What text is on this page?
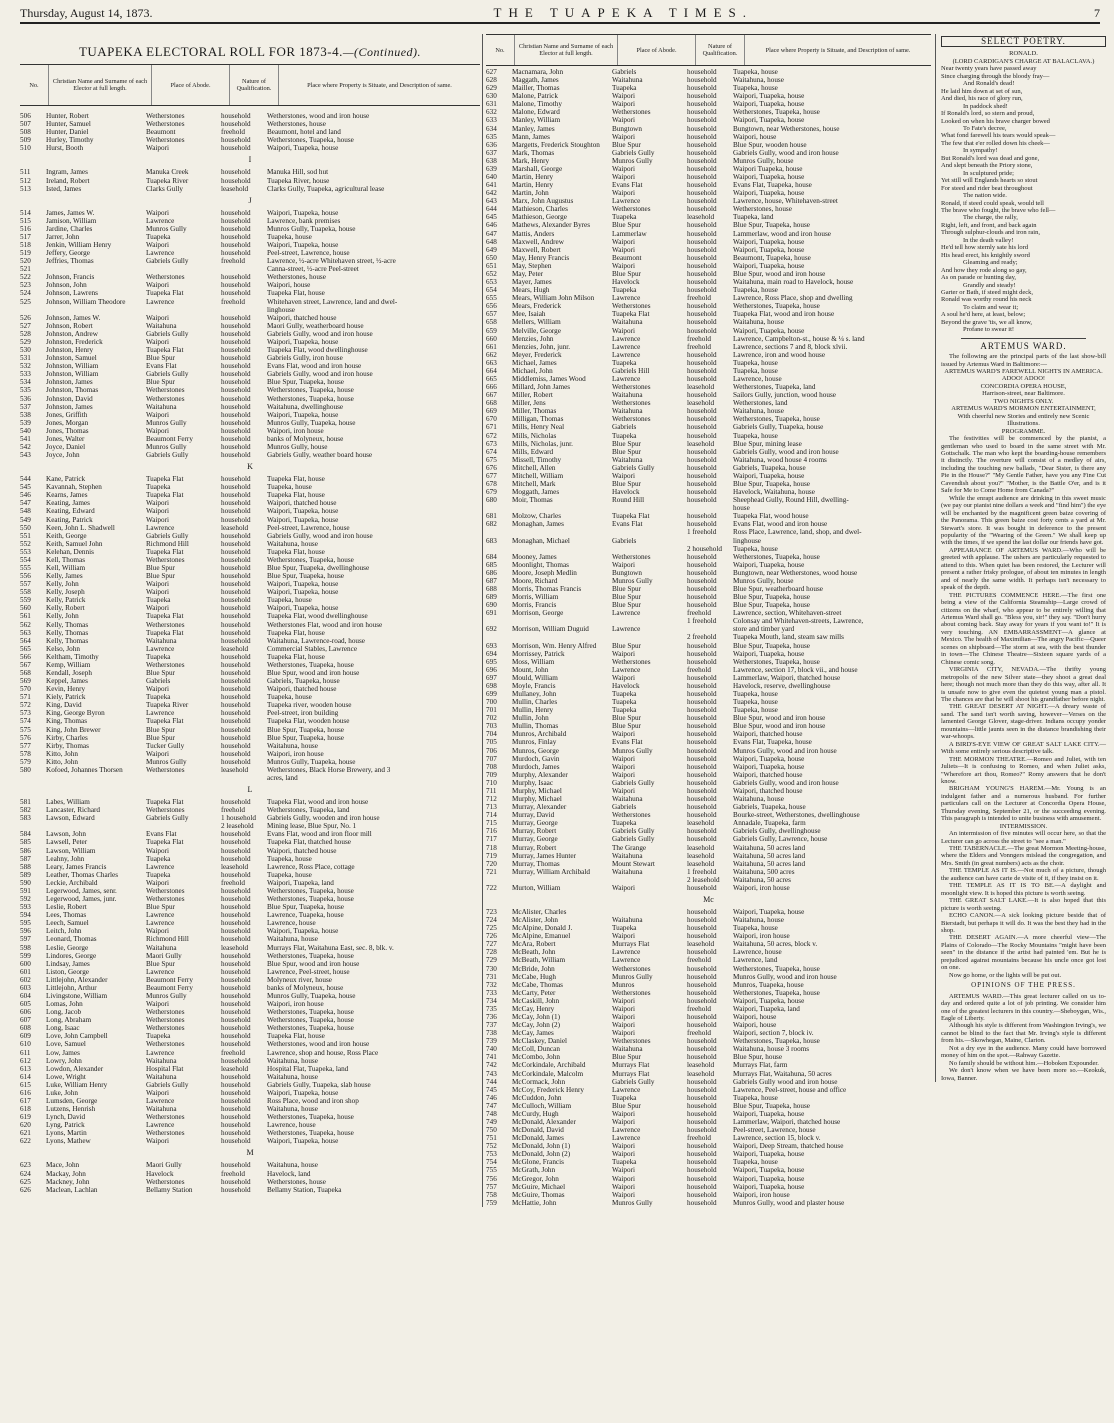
Thursday, August 14, 1873.	THE TUAPEKA TIMES.	7
TUAPEKA ELECTORAL ROLL FOR 1873-4.—(Continued).
No.	Christian Name and Surname of each Elector at full length.	Place of Abode.	Nature of Qualification.	Place where Property is Situate, and Description of same.
506	Hunter, Robert	Wetherstones	household	Wetherstones, wood and iron house
507	Hunter, Samuel	Wetherstones	household	Wetherstones, house
508	Hunter, Daniel	Beaumont	freehold	Beaumont, hotel and land
509	Hurley, Timothy	Wetherstones	household	Wetherstones, Tuapeka, house
510	Hurst, Booth	Waipori	household	Waipori, Tuapeka, house
I
511	Ingram, James	Manuka Creek	household	Manuka Hill, sod hut
512	Ireland, Robert	Tuapeka River	household	Tuapeka River, house
513	Isted, James	Clarks Gully	leasehold	Clarks Gully, Tuapeka, agricultural lease
J
514	James, James W.	Waipori	household	Waipori, Tuapeka, house
515	Jamison, William	Lawrence	household	Lawrence, bank premises
516	Jardine, Charles	Munros Gully	household	Munros Gully, Tuapeka, house
517	Jarrer, John	Tuapeka	household	Tuapeka, house
518	Jenkin, William Henry	Waipori	household	Waipori, Tuapeka, house
519	Jeffery, George	Lawrence	household	Peel-street, Lawrence, house
520	Jeffries, Thomas	Gabriels Gully	freehold	Lawrence, ½-acre Whitehaven street, ½-acre
521	Canna-street, ½-acre Peel-street
522	Johnson, Francis	Wetherstones	household	Wetherstones, house
523	Johnson, John	Waipori	household	Waipori, house
524	Johnson, Lawrens	Tuapeka Flat	household	Tuapeka Flat, house
525	Johnson, William Theodore	Lawrence	freehold	Whitehaven street, Lawrence, land and dwel-
linghouse
526	Johnson, James W.	Waipori	household	Waipori, thatched house
527	Johnson, Robert	Waitahuna	household	Maori Gully, weatherboard house
528	Johnston, Andrew	Gabriels Gully	household	Gabriels Gully, wood and iron house
529	Johnston, Frederick	Waipori	household	Waipori, Tuapeka, house
530	Johnston, Henry	Tuapeka Flat	household	Tuapeka Flat, wood dwellinghouse
531	Johnston, Samuel	Blue Spur	household	Gabriels Gully, iron house
532	Johnston, William	Evans Flat	household	Evans Flat, wood and iron house
533	Johnston, William	Gabriels Gully	household	Gabriels Gully, wood and iron house
534	Johnston, James	Blue Spur	household	Blue Spur, Tuapeka, house
535	Johnston, Thomas	Wetherstones	household	Wetherstones, Tuapeka, house
536	Johnston, David	Wetherstones	household	Wetherstones, Tuapeka, house
537	Johnston, James	Waitahuna	household	Waitahuna, dwellinghouse
538	Jones, Griffith	Waipori	household	Waipori, Tuapeka, house
539	Jones, Morgan	Munros Gully	household	Munros Gully, Tuapeka, house
540	Jones, Thomas	Waipori	household	Waipori, iron house
541	Jones, Walter	Beaumont Ferry	household	banks of Molyneux, house
542	Joyce, Daniel	Munros Gully	household	Munros Gully, house
543	Joyce, John	Gabriels Gully	household	Gabriels Gully, weather board house
K
544	Kane, Patrick	Tuapeka Flat	household	Tuapeka Flat, house
545	Kavannah, Stephen	Tuapeka	household	Tuapeka, house
546	Kearns, James	Tuapeka Flat	household	Tuapeka Flat, house
547	Keating, James	Waipori	household	Waipori, thatched house
548	Keating, Edward	Waipori	household	Waipori, Tuapeka, house
549	Keating, Patrick	Waipori	household	Waipori, Tuapeka, house
550	Keen, John L. Shadwell	Lawrence	leasehold	Peel-street, Lawrence, house
551	Keith, George	Gabriels Gully	household	Gabriels Gully, wood and iron house
552	Keith, Samuel John	Richmond Hill	household	Waitahuna, house
553	Kelehan, Dennis	Tuapeka Flat	household	Tuapeka Flat, house
554	Kell, Thomas	Wetherstones	household	Wetherstones, Tuapeka, house
555	Kell, William	Blue Spur	household	Blue Spur, Tuapeka, dwellinghouse
556	Kelly, James	Blue Spur	household	Blue Spur, Tuapeka, house
557	Kelly, John	Waipori	household	Waipori, Tuapeka, house
558	Kelly, Joseph	Waipori	household	Waipori, Tuapeka, house
559	Kelly, Patrick	Tuapeka	household	Tuapeka, house
560	Kelly, Robert	Waipori	household	Waipori, Tuapeka, house
561	Kelly, John	Tuapeka Flat	household	Tuapeka Flat, wood dwellinghouse
562	Kelly, Thomas	Wetherstones	household	Wetherstones Flat, wood and iron house
563	Kelly, Thomas	Tuapeka Flat	household	Tuapeka Flat, house
564	Kelly, Thomas	Waitahuna	household	Waitahuna, Lawrence-road, house
565	Kelso, John	Lawrence	leasehold	Commercial Stables, Lawrence
566	Keltham, Timothy	Tuapeka	household	Tuapeka Flat, house
567	Kemp, William	Wetherstones	household	Wetherstones, Tuapeka, house
568	Kendall, Joseph	Blue Spur	household	Blue Spur, wood and iron house
569	Keppel, James	Gabriels	household	Gabriels, Tuapeka, house
570	Kevin, Henry	Waipori	household	Waipori, thatched house
571	Kiely, Patrick	Tuapeka	household	Tuapeka, house
572	King, David	Tuapeka River	household	Tuapeka river, wooden house
573	King, George Byron	Lawrence	household	Peel-street, iron building
574	King, Thomas	Tuapeka Flat	household	Tuapeka Flat, wooden house
575	King, John Brewer	Blue Spur	household	Blue Spur, Tuapeka, house
576	Kirby, Charles	Blue Spur	household	Blue Spur, Tuapeka, house
577	Kirby, Thomas	Tucker Gully	household	Waitahuna, house
578	Kitto, John	Waipori	household	Waipori, iron house
579	Kitto, John	Munros Gully	household	Munros Gully, Tuapeka, house
580	Kofoed, Johannes Thorsen	Wetherstones	leasehold	Wetherstones, Black Horse Brewery, and 3
acres, land
L
581	Labes, William	Tuapeka Flat	household	Tuapeka Flat, wood and iron house
582	Lancaster, Richard	Wetherstones	freehold	Wetherstones, Tuapeka, land
583	Lawson, Edward	Gabriels Gully	1 household	Gabriels Gully, wooden and iron house
2 leasehold	Mining lease, Blue Spur, No. 1
584	Lawson, John	Evans Flat	household	Evans Flat, wood and iron floor mill
585	Lawsell, Peter	Tuapeka Flat	household	Tuapeka Flat, thatched house
586	Lawson, William	Waipori	household	Waipori, thatched house
587	Leahny, John	Tuapeka	household	Tuapeka, house
588	Leary, James Francis	Lawrence	leasehold	Lawrence, Ross Place, cottage
589	Leather, Thomas Charles	Tuapeka	household	Tuapeka, house
590	Leckie, Archibald	Waipori	freehold	Waipori, Tuapeka, land
591	Legerwood, James, senr.	Wetherstones	household	Wetherstones, Tuapeka, house
592	Legerwood, James, junr.	Wetherstones	household	Wetherstones, Tuapeka, house
593	Leslie, Robert	Blue Spur	household	Blue Spur, Tuapeka, house
594	Lees, Thomas	Lawrence	household	Lawrence, Tuapeka, house
595	Leech, Samuel	Lawrence	household	Lawrence, house
596	Leitch, John	Waipori	household	Waipori, Tuapeka, house
597	Leonard, Thomas	Richmond Hill	household	Waitahuna, house
598	Leslie, George	Waitahuna	leasehold	Murrays Flat, Waitahuna East, sec. 8, blk. v.
599	Lindores, George	Maori Gully	household	Wetherstones, Tuapeka, house
600	Lindsay, James	Blue Spur	household	Blue Spur, wood and iron house
601	Liston, George	Lawrence	household	Lawrence, Peel-street, house
602	Littlejohn, Alexander	Beaumont Ferry	household	Molyneux river, house
603	Littlejohn, Arthur	Beaumont Ferry	household	banks of Molyneux, house
604	Livingstone, William	Munros Gully	household	Munros Gully, Tuapeka, house
605	Lomas, John	Waipori	household	Waipori, iron house
606	Long, Jacob	Wetherstones	household	Wetherstones, Tuapeka, house
607	Long, Abraham	Wetherstones	household	Wetherstones, Tuapeka, house
608	Long, Isaac	Wetherstones	household	Wetherstones, Tuapeka, house
609	Love, John Campbell	Tuapeka	household	Tuapeka Flat, house
610	Love, Samuel	Wetherstones	household	Wetherstones, wood and iron house
611	Low, James	Lawrence	freehold	Lawrence, shop and house, Ross Place
612	Lowry, John	Waitahuna	household	Waitahuna, house
613	Lowdon, Alexander	Hospital Flat	leasehold	Hospital Flat, Tuapeka, land
614	Lowe, Wright	Waitahuna	household	Waitahuna, house
615	Luke, William Henry	Gabriels Gully	household	Gabriels Gully, Tuapeka, slab house
616	Luke, John	Waipori	household	Waipori, Tuapeka, house
617	Lumsden, George	Lawrence	household	Ross Place, wood and iron shop
618	Lutzens, Henrish	Waitahuna	household	Waitahuna, house
619	Lynch, David	Wetherstones	household	Wetherstones, Tuapeka, house
620	Lyng, Patrick	Lawrence	household	Lawrence, house
621	Lyons, Martin	Wetherstones	household	Wetherstones, Tuapeka, house
622	Lyons, Mathew	Waipori	household	Waipori, Tuapeka, house
M
623	Mace, John	Maori Gully	household	Waitahuna, house
624	Mackay, John	Havelock	freehold	Havelock, land
625	Mackney, John	Wetherstones	household	Wetherstones, house
626	Maclean, Lachlan	Bellamy Station	household	Bellamy Station, Tuapeka
No.	Christian Name and Surname of each Elector at full length.	Place of Abode.	Nature of Qualification.	Place where Property is Situate, and Description of same.
627	Macnamara, John	Gabriels	household	Tuapeka, house
628	Maggath, James	Waitahuna	household	Waitahuna, house
629	Mailler, Thomas	Tuapeka	household	Tuapeka, house
630	Malone, Patrick	Waipori	household	Waipori, Tuapeka, house
631	Malone, Timothy	Waipori	household	Waipori, Tuapeka, house
632	Malone, Edward	Wetherstones	household	Wetherstones, Tuapeka, house
633	Manley, William	Waipori	household	Waipori, Tuapeka, house
634	Manley, James	Bungtown	household	Bungtown, near Wetherstones, house
635	Mann, James	Waipori	household	Waipori, house
636	Margetts, Frederick Stoughton	Blue Spur	household	Blue Spur, wooden house
637	Mark, Thomas	Gabriels Gully	household	Gabriels Gully, wood and iron house
638	Mark, Henry	Munros Gully	household	Munros Gully, house
639	Marshall, George	Waipori	household	Waipori Tuapeka, house
640	Martin, Henry	Waipori	household	Waipori, Tuapeka, house
641	Martin, Henry	Evans Flat	household	Evans Flat, Tuapeka, house
642	Martin, John	Waipori	household	Waipori, Tuapeka, house
643	Marx, John Augustus	Lawrence	household	Lawrence, house, Whitehaven-street
644	Mathieson, Charles	Wetherstones	household	Wetherstones, house
645	Mathieson, George	Tuapeka	leasehold	Tuapeka, land
646	Mathews, Alexander Byres	Blue Spur	household	Blue Spur, Tuapeka, house
647	Mattis, Anders	Lammerlaw	household	Lammerlaw, wood and iron house
648	Maxwell, Andrew	Waipori	household	Waipori, Tuapeka, house
649	Maxwell, Robert	Waipori	household	Waipori, Tuapeka, house
650	May, Henry Francis	Beaumont	household	Beaumont, Tuapeka, house
651	May, Stephen	Waipori	household	Waipori, Tuapeka, house
652	May, Peter	Blue Spur	household	Blue Spur, wood and iron house
653	Mayer, James	Havelock	household	Waitahuna, main road to Havelock, house
654	Mears, Hugh	Tuapeka	household	Tuapeka, house
655	Mears, William John Milson	Lawrence	freehold	Lawrence, Ross Place, shop and dwelling
656	Mears, Frederick	Wetherstones	household	Wetherstones, Tuapeka, house
657	Mee, Isaiah	Tuapeka Flat	household	Tuapeka Flat, wood and iron house
658	Mellers, William	Waitahuna	household	Waitahuna, house
659	Melville, George	Waipori	household	Waipori, Tuapeka, house
660	Menzies, John	Lawrence	freehold	Lawrence, Campbelton-st., house & ¼ s. land
661	Menzies, John, junr.	Lawrence	freehold	Lawrence, sections 7 and 8, block xlvii.
662	Meyer, Frederick	Lawrence	household	Lawrence, iron and wood house
663	Michael, James	Tuapeka	household	Tuapeka, house
664	Michael, John	Gabriels Hill	household	Tuapeka, house
665	Middlemiss, James Wood	Lawrence	household	Lawrence, house
666	Millard, John James	Wetherstones	leasehold	Wetherstones, Tuapeka, land
667	Miller, Robert	Waitahuna	household	Sailors Gully, junction, wood house
668	Miller, Jens	Wetherstones	leasehold	Wetherstones, land
669	Miller, Thomas	Waitahuna	household	Waitahuna, house
670	Milligan, Thomas	Wetherstones	household	Wetherstones, Tuapeka, house
671	Mills, Henry Neal	Gabriels	household	Gabriels Gully, Tuapeka, house
672	Mills, Nicholas	Tuapeka	household	Tuapeka, house
673	Mills, Nicholas, junr.	Blue Spur	leasehold	Blue Spur, mining lease
674	Mills, Edward	Blue Spur	household	Gabriels Gully, wood and iron house
675	Missell, Timothy	Waitahuna	household	Waitahuna, wood house 4 rooms
676	Mitchell, Allen	Gabriels Gully	household	Gabriels, Tuapeka, house
677	Mitchell, William	Waipori	household	Waipori, Tuapeka, house
678	Mitchell, Mark	Blue Spur	household	Blue Spur, Tuapeka, house
679	Moggath, James	Havelock	household	Havelock, Waitahuna, house
680	Moir, Thomas	Round Hill	household	Sheephead Gully, Round Hill, dwelling-
house
681	Molzow, Charles	Tuapeka Flat	household	Tuapeka Flat, wood house
682	Monaghan, James	Evans Flat	household	Evans Flat, wood and iron house
1 freehold	Ross Place, Lawrence, land, shop, and dwel-
683	Monaghan, Michael	Gabriels	linghouse
2 household	Tuapeka, house
684	Mooney, James	Wetherstones	household	Wetherstones, Tuapeka, house
685	Moonlight, Thomas	Waipori	household	Waipori, Tuapeka, house
686	Moore, Joseph Medlin	Bungtown	household	Bungtown, near Wetherstones, wood house
687	Moore, Richard	Munros Gully	household	Munros Gully, house
688	Morris, Thomas Francis	Blue Spur	household	Blue Spur, weatherboard house
689	Morris, William	Blue Spur	household	Blue Spur, Tuapeka, house
690	Morris, Francis	Blue Spur	household	Blue Spur, Tuapeka, house
691	Morrison, George	Lawrence	freehold	Lawrence, section, Whitehaven-street
1 freehold	Colonsay and Whitehaven-streets, Lawrence,
692	Morrison, William Duguid	Lawrence	store and timber yard
2 freehold	Tuapeka Mouth, land, steam saw mills
693	Morrison, Wm. Henry Alfred	Blue Spur	household	Blue Spur, Tuapeka, house
694	Morrissey, Patrick	Waipori	household	Waipori, Tuapeka, house
695	Moss, William	Wetherstones	household	Wetherstones, Tuapeka, house
696	Mount, John	Lawrence	freehold	Lawrence, section 17, block vii., and house
697	Mould, William	Waipori	household	Lammerlaw, Waipori, thatched house
698	Moyle, Francis	Havelock	household	Havelock, reserve, dwellinghouse
699	Mullaney, John	Tuapeka	household	Tuapeka, house
700	Mullin, Charles	Tuapeka	household	Tuapeka, house
701	Mullin, Henry	Tuapeka	household	Tuapeka, house
702	Mullin, John	Blue Spur	household	Blue Spur, wood and iron house
703	Mullin, Thomas	Blue Spur	household	Blue Spur, wood and iron house
704	Munros, Archibald	Waipori	household	Waipori, thatched house
705	Munros, Finlay	Evans Flat	household	Evans Flat, Tuapeka, house
706	Munros, George	Munros Gully	household	Munros Gully, wood and iron house
707	Murdoch, Gavin	Waipori	household	Waipori, Tuapeka, house
708	Murdoch, James	Waipori	household	Waipori, Tuapeka, house
709	Murphy, Alexander	Waipori	household	Waipori, thatched house
710	Murphy, Isaac	Gabriels Gully	household	Gabriels Gully, wood and iron house
711	Murphy, Michael	Waipori	household	Waipori, thatched house
712	Murphy, Michael	Waitahuna	household	Waitahuna, house
713	Murray, Alexander	Gabriels	household	Gabriels, Tuapeka, house
714	Murray, David	Wetherstones	household	Bourke-street, Wetherstones, dwellinghouse
715	Murray, George	Tuapeka	leasehold	Annadale, Tuapeka, farm
716	Murray, Robert	Gabriels Gully	household	Gabriels Gully, dwellinghouse
717	Murray, George	Gabriels Gully	household	Gabriels Gully, Lawrence, house
718	Murray, Robert	The Grange	leasehold	Waitahuna, 50 acres land
719	Murray, James Hunter	Waitahuna	leasehold	Waitahuna, 50 acres land
720	Murray, Thomas	Mount Stewart	leasehold	Waitahuna, 50 acres land
721	Murray, William Archibald	Waitahuna	1 freehold	Waitahuna, 500 acres
2 leasehold	Waitahuna, 50 acres
722	Murton, William	Waipori	household	Waipori, iron house
Mc
723	McAlister, Charles	household	Waipori, Tuapeka, house
724	McAlister, John	Waitahuna	household	Waitahuna, house
725	McAlpine, Donald J.	Tuapeka	household	Tuapeka, house
726	McAlpine, Emanuel	Waipori	household	Waipori, iron house
727	McAra, Robert	Murrays Flat	leasehold	Waitahuna, 50 acres, block v.
728	McBeath, John	Lawrence	household	Lawrence, house
729	McBeath, William	Lawrence	freehold	Lawrence, land
730	McBride, John	Wetherstones	household	Wetherstones, Tuapeka, house
731	McCabe, Hugh	Munros Gully	household	Munros Gully, wood and iron house
732	McCabe, Thomas	Munros	household	Munros, Tuapeka, house
733	McCarty, Peter	Wetherstones	household	Wetherstones, Tuapeka, house
734	McCaskill, John	Waipori	household	Waipori, Tuapeka, house
735	McCay, Henry	Waipori	freehold	Waipori, Tuapeka, land
736	McCay, John (1)	Waipori	household	Waipori, house
737	McCay, John (2)	Waipori	household	Waipori, house
738	McCay, James	Waipori	freehold	Waipori, section 7, block iv.
739	McClaskey, Daniel	Wetherstones	household	Wetherstones, Tuapeka, house
740	McColl, Duncan	Waitahuna	household	Waitahuna, house 3 rooms
741	McCombo, John	Blue Spur	household	Blue Spur, house
742	McCorkindale, Archibald	Murrays Flat	leasehold	Murrays Flat, farm
743	McCorkindale, Malcolm	Murrays Flat	leasehold	Murrays Flat, Waitahuna, 50 acres
744	McCormack, John	Gabriels Gully	household	Gabriels Gully wood and iron house
745	McCoy, Frederick Henry	Lawrence	household	Lawrence, Peel-street, house and office
746	McCuddon, John	Tuapeka	household	Tuapeka, house
747	McCulloch, William	Blue Spur	household	Blue Spur, Tuapeka, house
748	McCurdy, Hugh	Waipori	household	Waipori, Tuapeka, house
749	McDonald, Alexander	Waipori	household	Lammerlaw, Waipori, thatched house
750	McDonald, David	Lawrence	household	Peel-street, Lawrence, house
751	McDonald, James	Lawrence	freehold	Lawrence, section 15, block v.
752	McDonald, John (1)	Waipori	household	Waipori, Deep Stream, thatched house
753	McDonald, John (2)	Waipori	household	Waipori, Tuapeka, house
754	McGlone, Francis	Tuapeka	household	Tuapeka, house
755	McGrath, John	Waipori	household	Waipori, Tuapeka, house
756	McGregor, John	Waipori	household	Waipori, Tuapeka, house
757	McGuire, Michael	Waipori	household	Waipori, Tuapeka, house
758	McGuire, Thomas	Waipori	household	Waipori, iron house
759	McHattie, John	Munros Gully	household	Munros Gully, wood and plaster house
SELECT POETRY.
RONALD.
(LORD CARDIGAN'S CHARGE AT BALACLAVA.)

Near twenty years have passed away

Since charging through the bloody fray—

And Ronald's dead!

He laid him down at set of sun,

And died, his race of glory run,

In paddock shed!

If Ronald's lord, so stern and proud,

Looked on when his brave charger bowed

To Fate's decree,

What fond farewell his tears would speak—

The few that e'er rolled down his cheek—

In sympathy!

But Ronald's lord was dead and gone,

And slept beneath the Priory stone,

In sculptured pride;

Yet still will Englands hearts so stout

For steed and rider beat throughout

The nation wide.

Ronald, if steed could speak, would tell

The brave who fought, the brave who fell—

The charge, the rally,

Right, left, and front, and back again

Through sulphur-clouds and iron rain,

In the death valley!

He'd tell how sternly sate his lord

His head erect, his knightly sword

Gleaming and ready;

And how they rode along so gay,

As on parade or hunting day,

Grandly and steady!

Garter or Bath, if steed might deck,

Ronald was worthy round his neck

To claim and wear it;

A soul he'd here, at least, below;

Beyond the grave 'tis, we all know,

Profane to swear it!

ARTEMUS WARD.

The following are the principal parts of the last show-bill issued by Artemus Ward in Baltimore:—

ARTEMUS WARD'S FAREWELL NIGHTS IN AMERICA.

ADOO! ADOO!

CONCORDIA OPERA HOUSE,

Harrison-street, near Baltimore.

TWO NIGHTS ONLY.

ARTEMUS WARD'S MORMON ENTERTAINMENT,

With cheerful new Stories and entirely new Scenic Illustrations.

PROGRAMME.

The festivities will be commenced by the pianist, a gentleman who used to board in the same street with Mr. Gottschalk. The man who kept the boarding-house remembers it distinctly. The overture will consist of a medley of airs, including the touching new ballads, "Dear Sister, is there any Pie in the House?" "My Gentle Father, have you any Fine Cut Cavendish about you?" "Mother, is the Battle O'er, and is it Safe for Me to Come Home from Canada?"

While the enrapt audience are drinking in this sweet music (we pay our pianist nine dollars a week and "find him") the eye will be enchanted by the magnificent green baize covering of the Panorama. This green baize cost forty cents a yard at Mr. Stewart's store. It was bought in deference to the present popularity of the "Wearing of the Green." We shall keep up with the times, if we spend the last dollar our friends have got.

APPEARANCE OF ARTEMUS WARD.—Who will be greeted with applause. The ushers are particularly requested to attend to this. When quiet has been restored, the Lecturer will present a rather frisky prologue, of about ten minutes in length and of nearly the same width. It perhaps isn't necessary to speak of the depth.

THE PICTURES COMMENCE HERE.—The first one being a view of the California Steamship—Large crowd of citizens on the wharf, who appear to be entirely willing that Artemus Ward shall go. "Bless you, sir!" they say. "Don't hurry about coming back. Stay away for years if you want to!" It is very touching. AN EMBARRASSMENT—A glance at Mexico. The health of Maximilian—The angry Pacific—Queer scenes on shipboard—The storm at sea, with the best thunder in town—The Chinese Theatre—Sixteen square yards of a Chinese comic song.

VIRGINIA CITY, NEVADA.—The thrifty young metropolis of the new Silver state—they shoot a great deal here; though not much more than they do this way, after all. It is unsafe now to give even the quietest young man a pistol. The chances are that he will shoot his grandfather before night.

THE GREAT DESERT AT NIGHT.—A dreary waste of sand. The sand isn't worth saving, however—Verses on the lamented George Glover, stage-driver. Indians occupy yonder mountains—little jaunts seen in the distance brandishing their war-whoops.

A BIRD'S-EYE VIEW OF GREAT SALT LAKE CITY.—With some entirely serious descriptive talk.

THE MORMON THEATRE.—Romeo and Juliet, with ten Juliets—It is confusing to Romeo, and when Juliet asks, "Wherefore art thou, Romeo?" Romy answers that he don't know.

BRIGHAM YOUNG'S HAREM.—Mr. Young is an indulgent father and a numerous husband. For further particulars call on the Lecturer at Concordia Opera House, Thursday evening, September 21, or the succeeding evening. This paragraph is intended to unite business with amusement.

INTERMISSION.

An intermission of five minutes will occur here, so that the Lecturer can go across the street to "see a man."

THE TABERNACLE.—The great Mormon Meeting-house, where the Elders and Vonngers mislead the congregation, and Mrs. Smith (in great numbers) acts as the choir.

THE TEMPLE AS IT IS.—Not much of a picture, though the audience can have carte de visite of it, if they insist on it.

THE TEMPLE AS IT IS TO BE.—A daylight and moonlight view. It is hoped this picture is worth seeing.

THE GREAT SALT LAKE.—It is also hoped that this picture is worth seeing.

ECHO CANON.—A sick looking picture beside that of Bierstadt, but perhaps it will do. It was the best they had in the shop.

THE DESERT AGAIN.—A more cheerful view—The Plains of Colorado—The Rocky Mountains "might have been seen" in the distance if the artist had painted 'em. But he is prejudiced against mountains because his uncle once got lost on one.

Now go home, or the lights will be put out.

OPINIONS OF THE PRESS.

ARTEMUS WARD.—This great lecturer called on us to-day and ordered quite a lot of job printing. We consider him one of the greatest lecturers in this country.—Sheboygan, Wis., Eagle of Liberty.

Although his style is different from Washington Irving's, we cannot be blind to the fact that Mr. Irving's style is different from his.—Skowhegan, Maine, Clarion.

Not a dry eye in the audience. Many could have borrowed money of him on the spot.—Rahway Gazette.

No family should be without him.—Hoboken Expounder.

We don't know when we have been more so.—Keokuk, Iowa, Banner.
